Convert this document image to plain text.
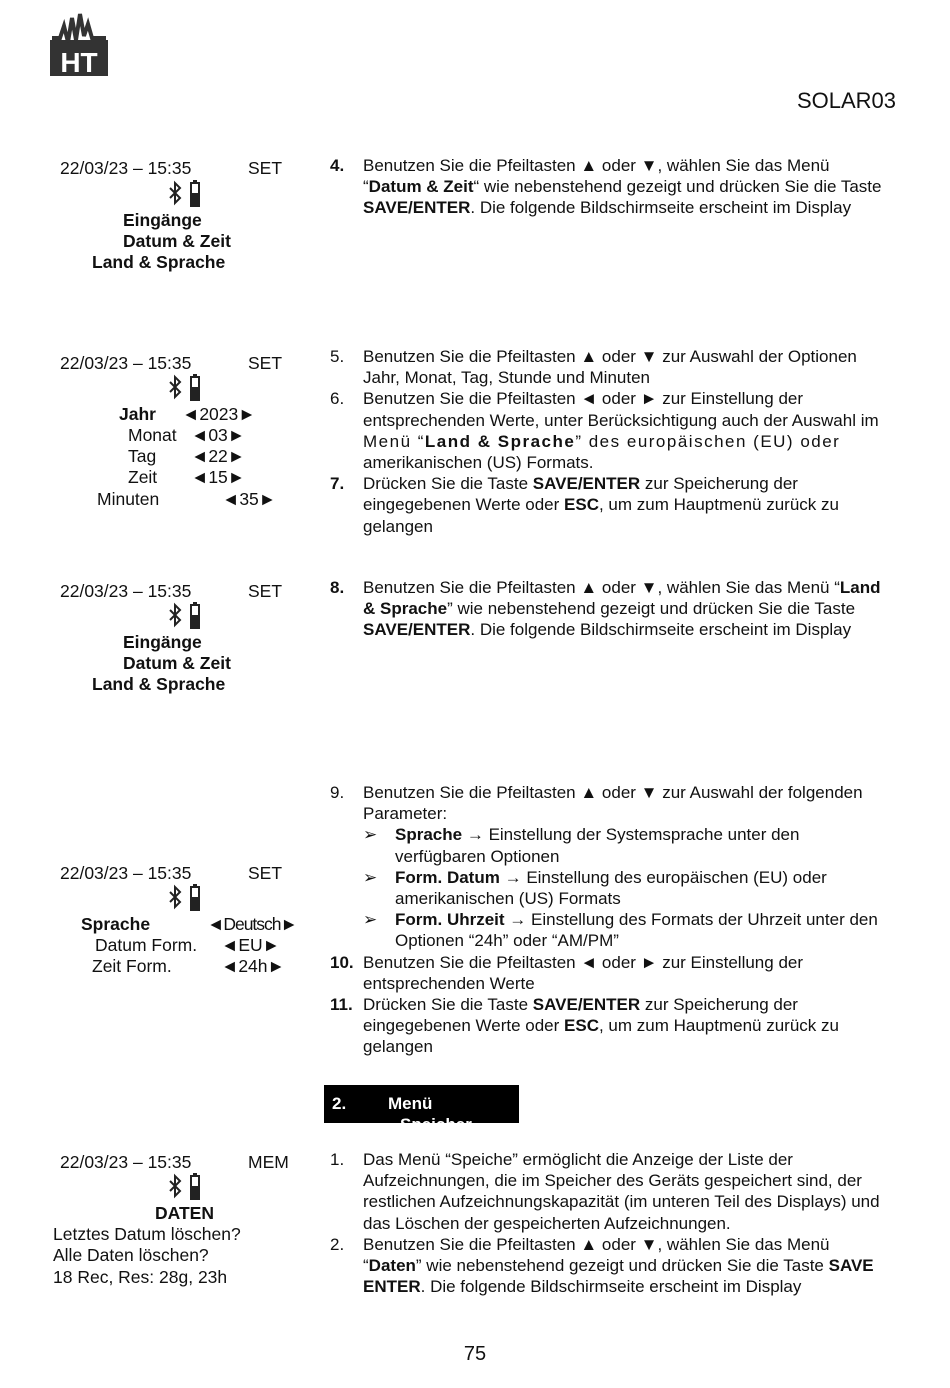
HT
SOLAR03
22/03/23 – 15:35	SET
Eingänge
Datum & Zeit
Land & Sprache
22/03/23 – 15:35	SET
Jahr ◄2023►
Monat ◄03►
Tag ◄22►
Zeit ◄15►
Minuten	◄35►
22/03/23 – 15:35	SET
Eingänge
Datum & Zeit
Land & Sprache
22/03/23 – 15:35	SET
Sprache	◄Deutsch►
Datum Form. ◄EU►
Zeit Form.	◄24h►
22/03/23 – 15:35	MEM
DATEN
Letztes Datum löschen?
Alle Daten löschen?
18 Rec, Res: 28g, 23h
4. Benutzen Sie die Pfeiltasten ▲ oder ▼, wählen Sie das Menü
“Datum & Zeit“ wie nebenstehend gezeigt und drücken Sie die Taste
SAVE/ENTER. Die folgende Bildschirmseite erscheint im Display
5. Benutzen Sie die Pfeiltasten ▲ oder ▼ zur Auswahl der Optionen
Jahr, Monat, Tag, Stunde und Minuten
6. Benutzen Sie die Pfeiltasten ◄ oder ► zur Einstellung der
entsprechenden Werte, unter Berücksichtigung auch der Auswahl im
Menü “Land & Sprache” des europäischen (EU) oder
amerikanischen (US) Formats.
7. Drücken Sie die Taste SAVE/ENTER zur Speicherung der
eingegebenen Werte oder ESC, um zum Hauptmenü zurück zu
gelangen
8. Benutzen Sie die Pfeiltasten ▲ oder ▼, wählen Sie das Menü “Land
& Sprache” wie nebenstehend gezeigt und drücken Sie die Taste
SAVE/ENTER. Die folgende Bildschirmseite erscheint im Display
9. Benutzen Sie die Pfeiltasten ▲ oder ▼ zur Auswahl der folgenden
Parameter:
➢ Sprache → Einstellung der Systemsprache unter den
verfügbaren Optionen
➢ Form. Datum → Einstellung des europäischen (EU) oder
amerikanischen (US) Formats
➢ Form. Uhrzeit → Einstellung des Formats der Uhrzeit unter den
Optionen “24h” oder “AM/PM”
10. Benutzen Sie die Pfeiltasten ◄ oder ► zur Einstellung der
entsprechenden Werte
11. Drücken Sie die Taste SAVE/ENTER zur Speicherung der
eingegebenen Werte oder ESC, um zum Hauptmenü zurück zu
gelangen
2. Menü
Speicher
1. Das Menü “Speiche” ermöglicht die Anzeige der Liste der
Aufzeichnungen, die im Speicher des Geräts gespeichert sind, der
restlichen Aufzeichnungskapazität (im unteren Teil des Displays) und
das Löschen der gespeicherten Aufzeichnungen.
2. Benutzen Sie die Pfeiltasten ▲ oder ▼, wählen Sie das Menü
“Daten” wie nebenstehend gezeigt und drücken Sie die Taste SAVE
ENTER. Die folgende Bildschirmseite erscheint im Display
75
